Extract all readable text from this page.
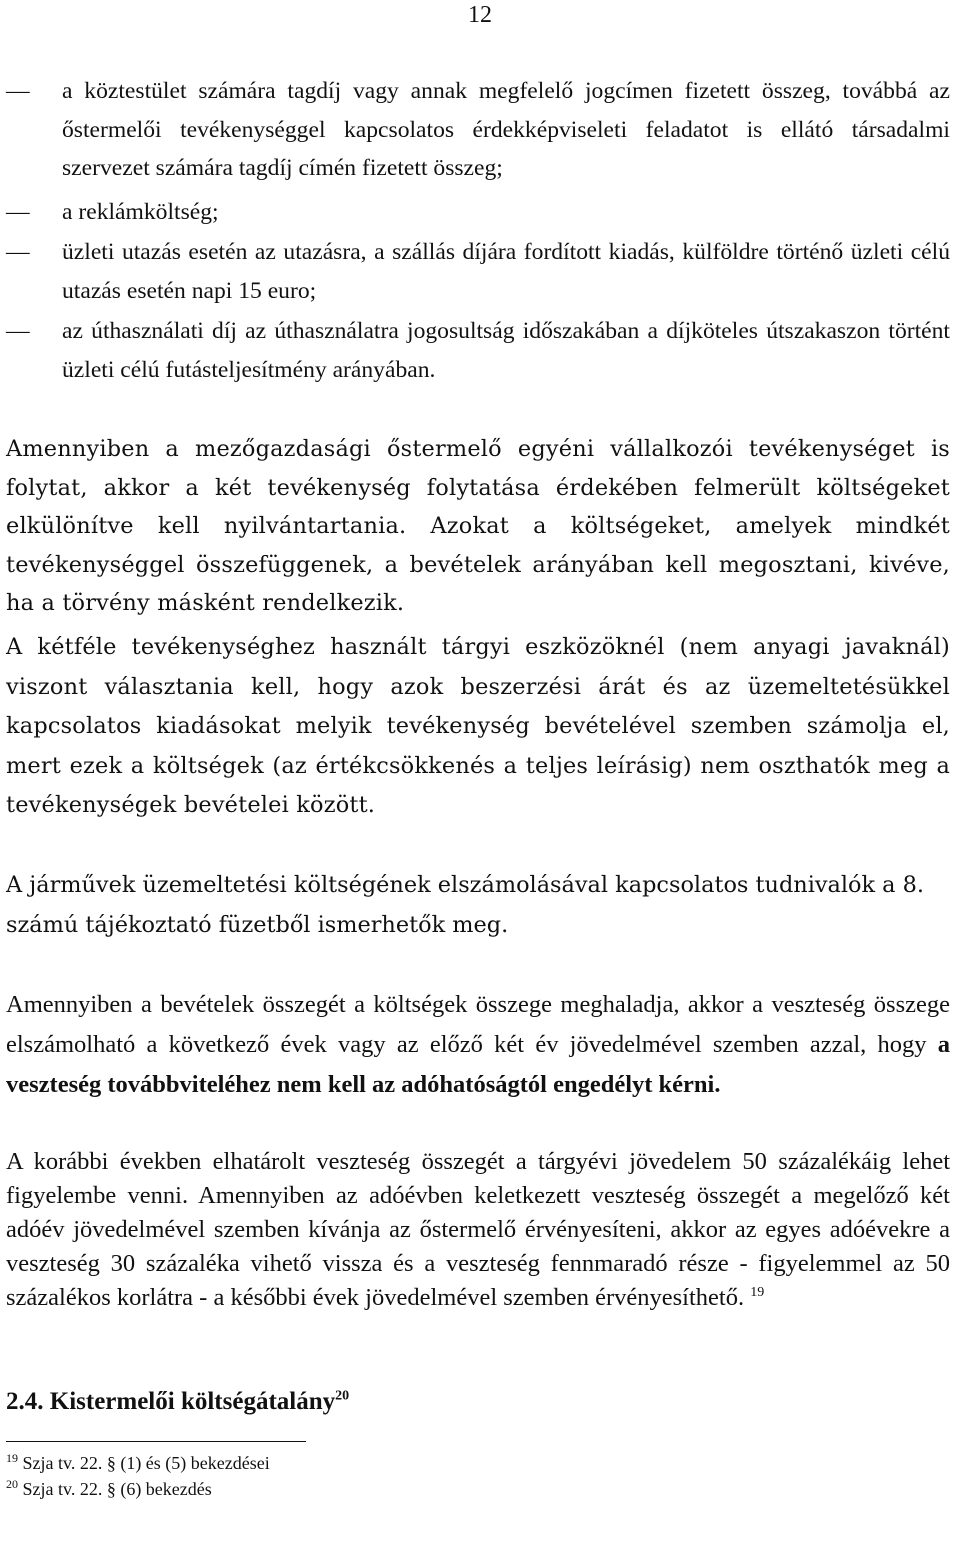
12
— a köztestület számára tagdíj vagy annak megfelelő jogcímen fizetett összeg, továbbá az őstermelői tevékenységgel kapcsolatos érdekképviseleti feladatot is ellátó társadalmi szervezet számára tagdíj címén fizetett összeg;
— a reklámköltség;
— üzleti utazás esetén az utazásra, a szállás díjára fordított kiadás, külföldre történő üzleti célú utazás esetén napi 15 euro;
— az úthasználati díj az úthasználatra jogosultság időszakában a díjköteles útszakaszon történt üzleti célú futásteljesítmény arányában.
Amennyiben a mezőgazdasági őstermelő egyéni vállalkozói tevékenységet is folytat, akkor a két tevékenység folytatása érdekében felmerült költségeket elkülönítve kell nyilvántartania. Azokat a költségeket, amelyek mindkét tevékenységgel összefüggenek, a bevételek arányában kell megosztani, kivéve, ha a törvény másként rendelkezik.
A kétféle tevékenységhez használt tárgyi eszközöknél (nem anyagi javaknál) viszont választania kell, hogy azok beszerzési árát és az üzemeltetésükkel kapcsolatos kiadásokat melyik tevékenység bevételével szemben számolja el, mert ezek a költségek (az értékcsökkenés a teljes leírásig) nem oszthatók meg a tevékenységek bevételei között.
A járművek üzemeltetési költségének elszámolásával kapcsolatos tudnivalók a 8. számú tájékoztató füzetből ismerhetők meg.
Amennyiben a bevételek összegét a költségek összege meghaladja, akkor a veszteség összege elszámolható a következő évek vagy az előző két év jövedelmével szemben azzal, hogy a veszteség továbbviteléhez nem kell az adóhatóságtól engedélyt kérni.
A korábbi években elhatárolt veszteség összegét a tárgyévi jövedelem 50 százalékáig lehet figyelembe venni. Amennyiben az adóévben keletkezett veszteség összegét a megelőző két adóév jövedelmével szemben kívánja az őstermelő érvényesíteni, akkor az egyes adóévekre a veszteség 30 százaléka vihető vissza és a veszteség fennmaradó része - figyelemmel az 50 százalékos korlátra - a későbbi évek jövedelmével szemben érvényesíthető. $^{19}$
2.4. Kistermelői költségátalány$^{20}$
$^{19}$ Szja tv. 22. § (1) és (5) bekezdései
$^{20}$ Szja tv. 22. § (6) bekezdés
